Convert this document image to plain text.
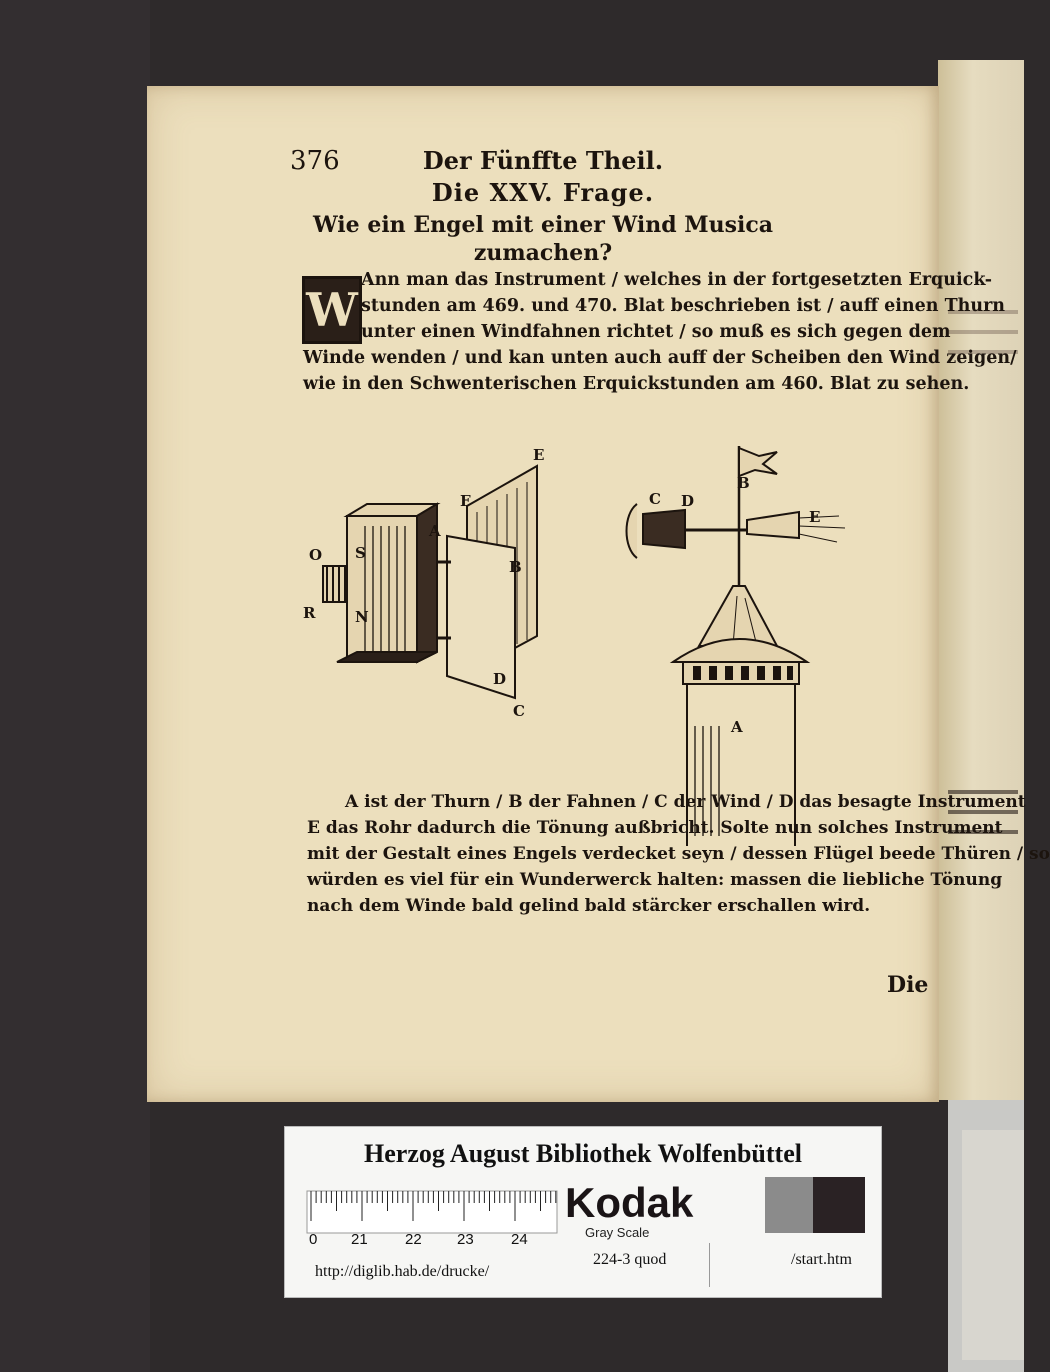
376	Der Fünffte Theil.
Die XXV. Frage.
Wie ein Engel mit einer Wind Musica
zumachen?
W
Ann man das Instrument / welches in der fortgesetzten Erquick-
stunden am 469. und 470. Blat beschrieben ist / auff einen Thurn
unter einen Windfahnen richtet / so muß es sich gegen dem
Winde wenden / und kan unten auch auff der Scheiben den Wind zeigen/
wie in den Schwenterischen Erquickstunden am 460. Blat zu sehen.
E
F
A
O S
B
R	N
D
C
C D
B
E
A
A ist der Thurn / B der Fahnen / C der Wind / D das besagte Instrument
E das Rohr dadurch die Tönung außbricht. Solte nun solches Instrument
mit der Gestalt eines Engels verdecket seyn / dessen Flügel beede Thüren / so
würden es viel für ein Wunderwerck halten: massen die liebliche Tönung
nach dem Winde bald gelind bald stärcker erschallen wird.
Die
Herzog August Bibliothek Wolfenbüttel
0 21 22 23 24
Kodak
Gray Scale
http://diglib.hab.de/drucke/
224-3 quod	/start.htm
